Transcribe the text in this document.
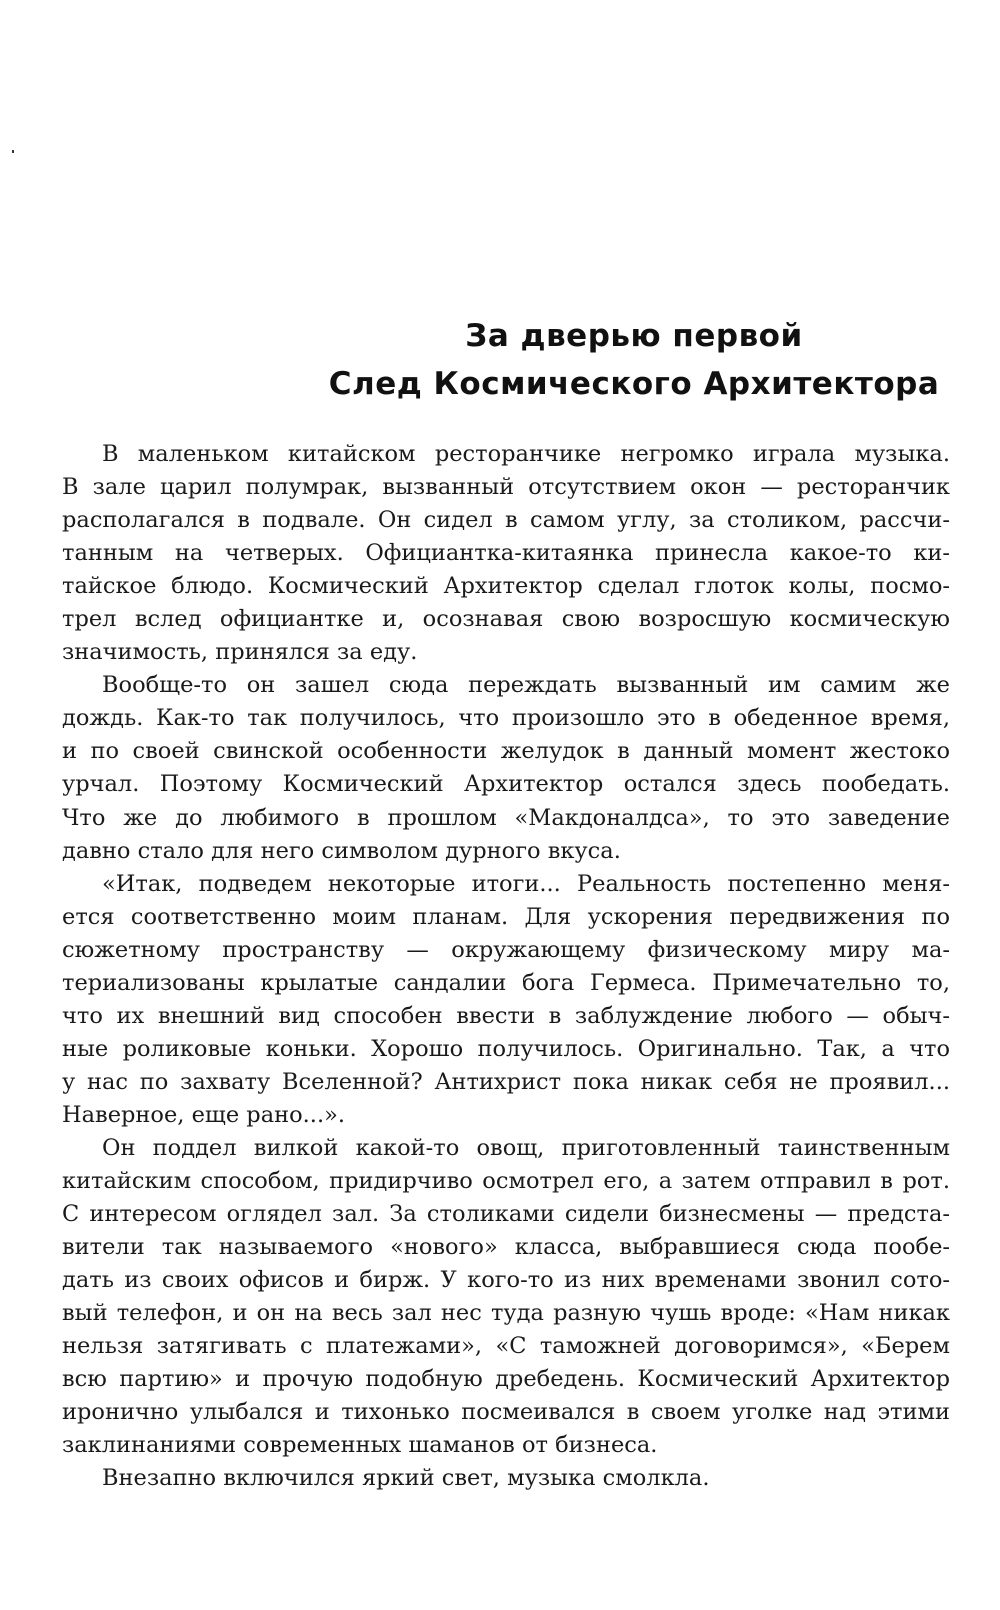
За дверью первой
След Космического Архитектора
В маленьком китайском ресторанчике негромко играла музыка.
В зале царил полумрак, вызванный отсутствием окон — ресторанчик
располагался в подвале. Он сидел в самом углу, за столиком, рассчи-
танным на четверых. Официантка-китаянка принесла какое-то ки-
тайское блюдо. Космический Архитектор сделал глоток колы, посмо-
трел вслед официантке и, осознавая свою возросшую космическую
значимость, принялся за еду.
Вообще-то он зашел сюда переждать вызванный им самим же
дождь. Как-то так получилось, что произошло это в обеденное время,
и по своей свинской особенности желудок в данный момент жестоко
урчал. Поэтому Космический Архитектор остался здесь пообедать.
Что же до любимого в прошлом «Макдоналдса», то это заведение
давно стало для него символом дурного вкуса.
«Итак, подведем некоторые итоги... Реальность постепенно меня-
ется соответственно моим планам. Для ускорения передвижения по
сюжетному пространству — окружающему физическому миру ма-
териализованы крылатые сандалии бога Гермеса. Примечательно то,
что их внешний вид способен ввести в заблуждение любого — обыч-
ные роликовые коньки. Хорошо получилось. Оригинально. Так, а что
у нас по захвату Вселенной? Антихрист пока никак себя не проявил...
Наверное, еще рано...».
Он поддел вилкой какой-то овощ, приготовленный таинственным
китайским способом, придирчиво осмотрел его, а затем отправил в рот.
С интересом оглядел зал. За столиками сидели бизнесмены — предста-
вители так называемого «нового» класса, выбравшиеся сюда пообе-
дать из своих офисов и бирж. У кого-то из них временами звонил сото-
вый телефон, и он на весь зал нес туда разную чушь вроде: «Нам никак
нельзя затягивать с платежами», «С таможней договоримся», «Берем
всю партию» и прочую подобную дребедень. Космический Архитектор
иронично улыбался и тихонько посмеивался в своем уголке над этими
заклинаниями современных шаманов от бизнеса.
Внезапно включился яркий свет, музыка смолкла.
